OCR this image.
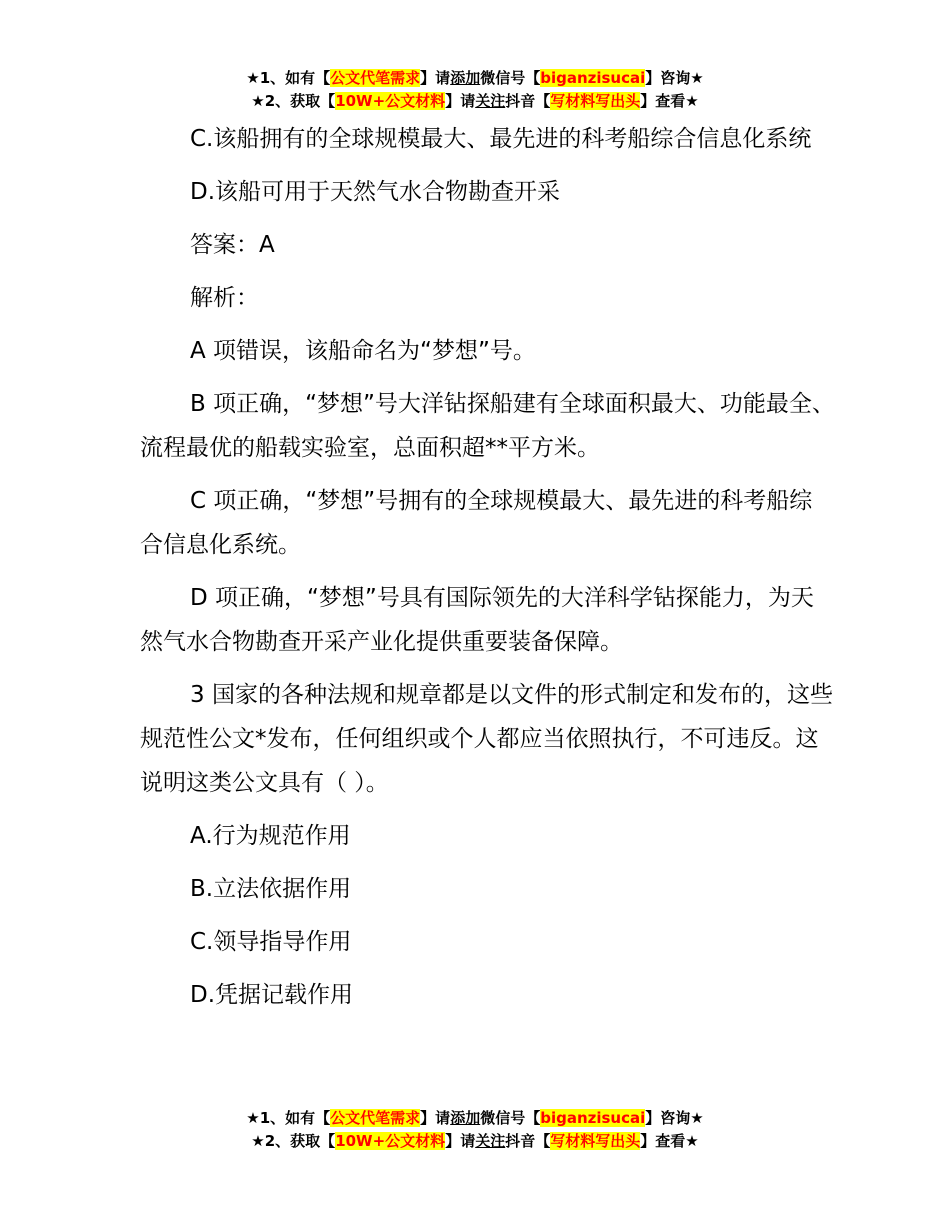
★1、如有【公文代笔需求】请添加微信号【biganzisucai】咨询★
★2、获取【10W+公文材料】请关注抖音【写材料写出头】查看★

C.该船拥有的全球规模最大、最先进的科考船综合信息化系统

D.该船可用于天然气水合物勘查开采

答案：A

解析：

A 项错误，该船命名为“梦想”号。

B 项正确，“梦想”号大洋钻探船建有全球面积最大、功能最全、流程最优的船载实验室，总面积超**平方米。

C 项正确，“梦想”号拥有的全球规模最大、最先进的科考船综合信息化系统。

D 项正确，“梦想”号具有国际领先的大洋科学钻探能力，为天然气水合物勘查开采产业化提供重要装备保障。

3 国家的各种法规和规章都是以文件的形式制定和发布的，这些规范性公文*发布，任何组织或个人都应当依照执行，不可违反。这说明这类公文具有（ ）。

A.行为规范作用

B.立法依据作用

C.领导指导作用

D.凭据记载作用

★1、如有【公文代笔需求】请添加微信号【biganzisucai】咨询★
★2、获取【10W+公文材料】请关注抖音【写材料写出头】查看★
